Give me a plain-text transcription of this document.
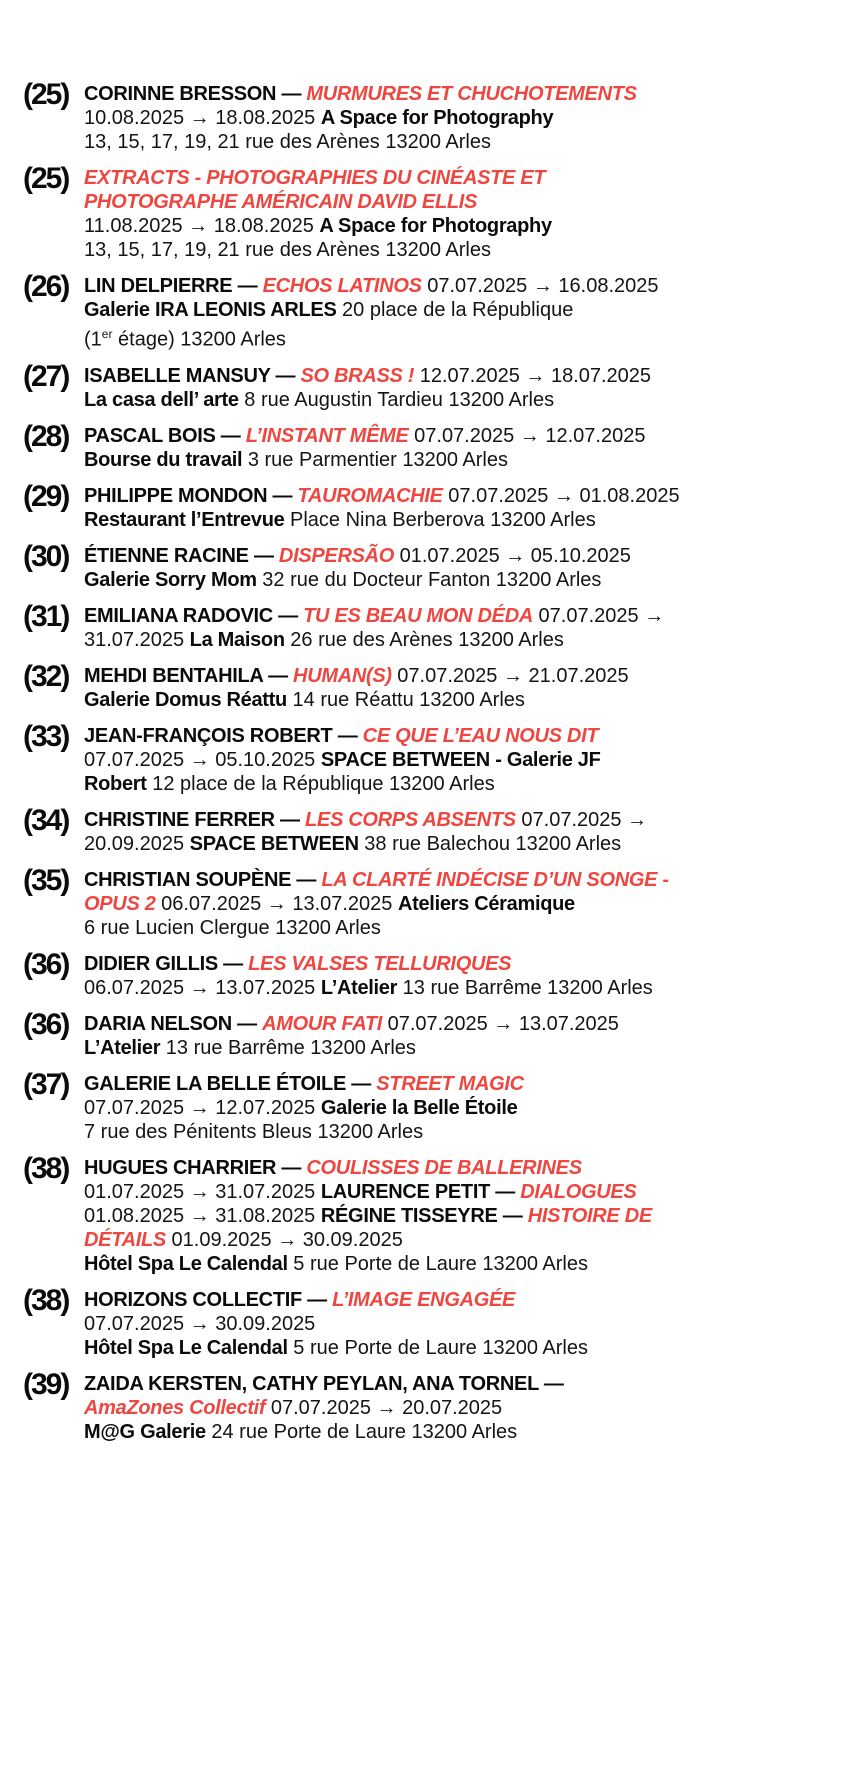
(25) CORINNE BRESSON — MURMURES ET CHUCHOTEMENTS
10.08.2025 → 18.08.2025 A Space for Photography
13, 15, 17, 19, 21 rue des Arènes 13200 Arles
(25) EXTRACTS - PHOTOGRAPHIES DU CINÉASTE ET
PHOTOGRAPHE AMÉRICAIN DAVID ELLIS
11.08.2025 → 18.08.2025 A Space for Photography
13, 15, 17, 19, 21 rue des Arènes 13200 Arles
(26) LIN DELPIERRE — ECHOS LATINOS 07.07.2025 → 16.08.2025
Galerie IRA LEONIS ARLES 20 place de la République
(1er étage) 13200 Arles
(27) ISABELLE MANSUY — SO BRASS ! 12.07.2025 → 18.07.2025
La casa dell’ arte 8 rue Augustin Tardieu 13200 Arles
(28) PASCAL BOIS — L’INSTANT MÊME 07.07.2025 → 12.07.2025
Bourse du travail 3 rue Parmentier 13200 Arles
(29) PHILIPPE MONDON — TAUROMACHIE 07.07.2025 → 01.08.2025
Restaurant l’Entrevue Place Nina Berberova 13200 Arles
(30) ÉTIENNE RACINE — DISPERSÃO 01.07.2025 → 05.10.2025
Galerie Sorry Mom 32 rue du Docteur Fanton 13200 Arles
(31) EMILIANA RADOVIC — TU ES BEAU MON DÉDA 07.07.2025 →
31.07.2025 La Maison 26 rue des Arènes 13200 Arles
(32) MEHDI BENTAHILA — HUMAN(S) 07.07.2025 → 21.07.2025
Galerie Domus Réattu 14 rue Réattu 13200 Arles
(33) JEAN-FRANÇOIS ROBERT — CE QUE L’EAU NOUS DIT
07.07.2025 → 05.10.2025 SPACE BETWEEN - Galerie JF
Robert 12 place de la République 13200 Arles
(34) CHRISTINE FERRER — LES CORPS ABSENTS 07.07.2025 →
20.09.2025 SPACE BETWEEN 38 rue Balechou 13200 Arles
(35) CHRISTIAN SOUPÈNE — LA CLARTÉ INDÉCISE D’UN SONGE -
OPUS 2 06.07.2025 → 13.07.2025 Ateliers Céramique
6 rue Lucien Clergue 13200 Arles
(36) DIDIER GILLIS — LES VALSES TELLURIQUES
06.07.2025 → 13.07.2025 L’Atelier 13 rue Barrême 13200 Arles
(36) DARIA NELSON — AMOUR FATI 07.07.2025 → 13.07.2025
L’Atelier 13 rue Barrême 13200 Arles
(37) GALERIE LA BELLE ÉTOILE — STREET MAGIC
07.07.2025 → 12.07.2025 Galerie la Belle Étoile
7 rue des Pénitents Bleus 13200 Arles
(38) HUGUES CHARRIER — COULISSES DE BALLERINES
01.07.2025 → 31.07.2025 LAURENCE PETIT — DIALOGUES
01.08.2025 → 31.08.2025 RÉGINE TISSEYRE — HISTOIRE DE
DÉTAILS 01.09.2025 → 30.09.2025
Hôtel Spa Le Calendal 5 rue Porte de Laure 13200 Arles
(38) HORIZONS COLLECTIF — L’IMAGE ENGAGÉE
07.07.2025 → 30.09.2025
Hôtel Spa Le Calendal 5 rue Porte de Laure 13200 Arles
(39) ZAIDA KERSTEN, CATHY PEYLAN, ANA TORNEL —
AmaZones Collectif 07.07.2025 → 20.07.2025
M@G Galerie 24 rue Porte de Laure 13200 Arles
